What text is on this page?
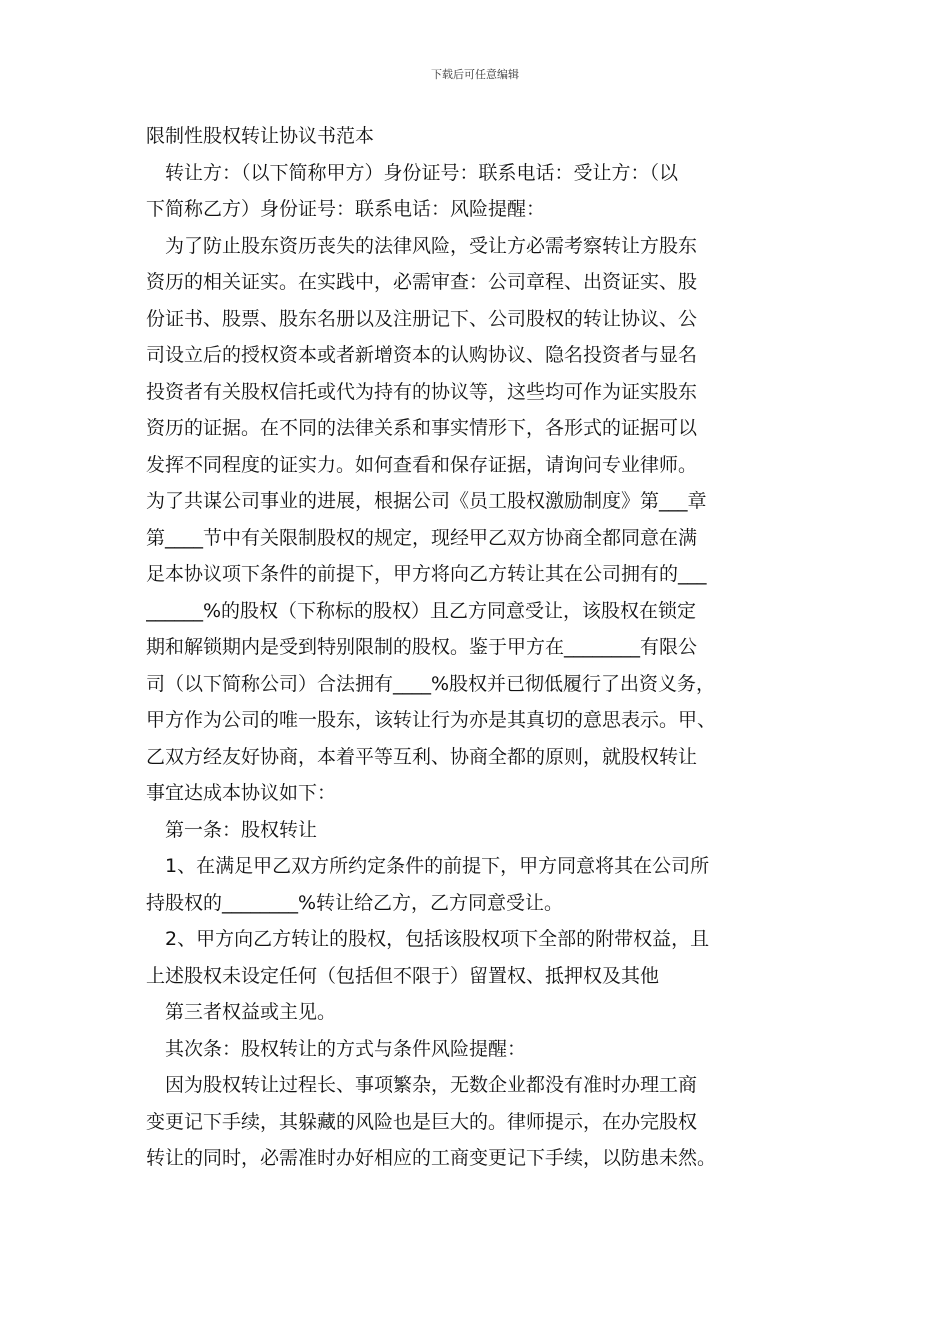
下载后可任意编辑
限制性股权转让协议书范本
转让方：（以下简称甲方）身份证号：联系电话：受让方：（以
下简称乙方）身份证号：联系电话：风险提醒：
为了防止股东资历丧失的法律风险，受让方必需考察转让方股东
资历的相关证实。在实践中，必需审查：公司章程、出资证实、股
份证书、股票、股东名册以及注册记下、公司股权的转让协议、公
司设立后的授权资本或者新增资本的认购协议、隐名投资者与显名
投资者有关股权信托或代为持有的协议等，这些均可作为证实股东
资历的证据。在不同的法律关系和事实情形下，各形式的证据可以
发挥不同程度的证实力。如何查看和保存证据，请询问专业律师。
为了共谋公司事业的进展，根据公司《员工股权激励制度》第___章
第____节中有关限制股权的规定，现经甲乙双方协商全都同意在满
足本协议项下条件的前提下，甲方将向乙方转让其在公司拥有的___
______%的股权（下称标的股权）且乙方同意受让，该股权在锁定
期和解锁期内是受到特别限制的股权。鉴于甲方在________有限公
司（以下简称公司）合法拥有____%股权并已彻低履行了出资义务，
甲方作为公司的唯一股东，该转让行为亦是其真切的意思表示。甲、
乙双方经友好协商，本着平等互利、协商全都的原则，就股权转让
事宜达成本协议如下：
第一条：股权转让
1、在满足甲乙双方所约定条件的前提下，甲方同意将其在公司所
持股权的________%转让给乙方，乙方同意受让。
2、甲方向乙方转让的股权，包括该股权项下全部的附带权益，且
上述股权未设定任何（包括但不限于）留置权、抵押权及其他
第三者权益或主见。
其次条：股权转让的方式与条件风险提醒：
因为股权转让过程长、事项繁杂，无数企业都没有准时办理工商
变更记下手续，其躲藏的风险也是巨大的。律师提示，在办完股权
转让的同时，必需准时办好相应的工商变更记下手续，以防患未然。
